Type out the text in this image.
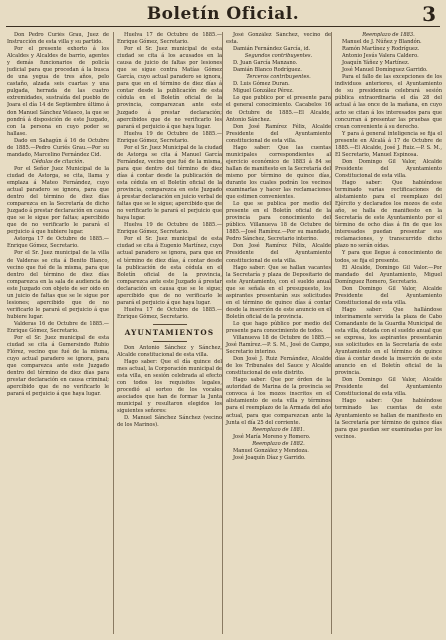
Boletín Oficial.	3

Don Pedro Curiés Grau, Juez de Instrucción de esta villa y su partido.

Por el presente exhorto á los Alcaldes y Alcaldes de barrio, agentes y demás funcionarios de policía judicial para que procedan á la busca de una yegua de tres años, pelo castaño, alzada seis cuartas y una pulgada, herrada de las cuatro extremidades, sustraída del pueblo de Joara el día 14 de Septiembre último á don Manuel Sánchez Velasco, la que se pondrá á disposición de este Juzgado, con la persona en cuyo poder se hallase.

Dado en Sahagún á 16 de Octubre de 1885.—Pedro Curiés Grau.—Por su mandado, Marcelino Fernández Cid.

Cédulas de citación.

Por el Señor Juez Municipal de la ciudad de Astorga, se cita, llama y emplaza á Mateo Fernández, cuyo actual paradero se ignora, para que dentro del término de diez días comparezca en la Secretaría de dicho Juzgado á prestar declaración en causa que se le sigue por faltas; apercibido que de no verificarlo le parará el perjuicio á que hubiere lugar.

Astorga 17 de Octubre de 1885.—Enrique Gómez, Secretario.

Por el Sr. Juez municipal de la villa de Valderas se cita á Benito Blanco, vecino que fué de la misma, para que dentro del término de diez días comparezca en la sala de audiencia de este Juzgado con objeto de ser oido en un juicio de faltas que se le sigue por lesiones; apercibido que de no verificarlo le parará el perjuicio á que hubiere lugar.

Valderas 16 de Octubre de 1885.—Enrique Gómez, Secretario.

Por el Sr. Juez municipal de esta ciudad se cita á Gumersindo Rubio Flórez, vecino que fué de la misma, cuyo actual paradero se ignora, para que comparezca ante este Juzgado dentro del término de diez días para prestar declaración en causa criminal; apercibido que de no verificarlo le parará el perjuicio á que haya lugar.

Huelva 17 de Octubre de 1885.—Enrique Gómez, Secretario.

Por el Sr. Juez municipal de esta ciudad se cita á los acusados en la causa de juicio de faltas por lesiones que se sigue contra Matías Gómez García, cuyo actual paradero se ignora, para que en el término de diez días á contar desde la publicación de esta cédula en el Boletín oficial de la provincia, comparezcan ante este Juzgado á prestar declaración; apercibidos que de no verificarlo les parará el perjuicio á que haya lugar.

Huelva 19 de Octubre de 1885.—Enrique Gómez, Secretario.

Por el Sr. Juez Municipal de la ciudad de Astorga se cita á Manuel García Fernández, vecino que fué de la misma, para que dentro del término de diez días á contar desde la publicación de esta cédula en el Boletín oficial de la provincia, comparezca en este Juzgado á prestar declaración en juicio verbal de faltas que se le sigue; apercibido que de no verificarlo le parará el perjuicio que haya lugar.

Huelva 19 de Octubre de 1885.—Enrique Gómez, Secretario.

Por el Sr. Juez municipal de esta ciudad se cita á Eugenio Martínez, cuyo actual paradero se ignora, para que en el término de diez días, á contar desde la publicación de esta cédula en el Boletín oficial de la provincia, comparezca ante este Juzgado á prestar declaración en causa que se le sigue; apercibido que de no verificarlo le parará el perjuicio á que haya lugar.

Huelva 17 de Octubre de 1885.—Enrique Gómez, Secretario.

AYUNTAMIENTOS

Don Antonio Sánchez y Sánchez, Alcalde constitucional de esta villa.

Hago saber: Que el día quince del mes actual, la Corporación municipal de esta villa, en sesión celebrada al efecto con todos los requisitos legales, procedió al sorteo de los vocales asociados que han de formar la Junta municipal y resultaron elegidos los siguientes señores:

D. Manuel Sánchez Sánchez (vecino de los Marinos).

José González Sánchez, vecino de esta.

Damián Fernández García, id.

Segundos contribuyentes.

D. Juan García Manzano.

Damián Blanco Rodríguez.

Terceros contribuyentes.

D. Luis Gómez Duran.

Miguel González Pérez.

Lo que publico por el presente para el general conocimiento. Cacabelos 16 de Octubre de 1885.—El Alcalde, Antonio Sánchez.

Don José Ramírez Félix, Alcalde Presidente del Ayuntamiento constitucional de esta villa.

Hago saber: Que las cuentas municipales correspondientes al ejercicio económico de 1883 á 84 se hallan de manifiesto en la Secretaría del mismo por término de quince días, durante los cuales podrán los vecinos examinarlas y hacer las reclamaciones que estimen convenientes.

Lo que se publica por medio del presente en el Boletín oficial de la provincia para conocimiento del público. Villanueva 18 de Octubre de 1885.—José Ramírez.—Por su mandado, Pedro Sánchez, Secretario interino.

Don José Ramírez Félix, Alcalde Presidente del Ayuntamiento constitucional de esta villa.

Hago saber: Que se hallan vacantes la Secretaría y plaza de Depositario de este Ayuntamiento, con el sueldo anual que se señala en el presupuesto, los aspirantes presentarán sus solicitudes en el término de quince días á contar desde la inserción de este anuncio en el Boletín oficial de la provincia.

Lo que hago público por medio del presente para conocimiento de todos.

Villanueva 18 de Octubre de 1885.—José Ramírez.—P. S. M., José de Campo, Secretario interino.

Don José J. Ruiz Fernández, Alcalde de los Tribunales del Sauce y Alcalde constitucional de este distrito.

Hago saber: Que por órden de la autoridad de Marina de la provincia se convoca á los mozos inscritos en el alistamiento de esta villa y términos para el reemplazo de la Armada del año actual, para que comparezcan ante la Junta el día 25 del corriente.

Reemplazo de 1881.

José María Moreno y Romero.

Reemplazo de 1882.

Manuel González y Mendoza.

José Joaquín Díaz y Garrido.

Reemplazo de 1883.

Manuel de J. Núñez y Blandón.

Ramón Martínez y Rodríguez.

Antonio Jesús Valera Caldero.

Joaquín Yáñez y Martínez.

José Manuel Domínguez Garrido.

Para el fallo de las excepciones de los individuos anteriores, el Ayuntamiento de su presidencia celebrará sesión pública extraordinaria el día 28 del actual á las once de la mañana, en cuyo acto se citan á los interesados para que concurran á presentar las pruebas que crean conveniente á su derecho.

Y para á general inteligencia se fija el presente en Alcalá á 17 de Octubre de 1885.—El Alcalde, José J. Ruiz.—P. S. M., El Secretario, Manuel Espinosa.

Don Domingo Gil Valor, Alcalde Presidente del Ayuntamiento Constitucional de esta villa.

Hago saber: Que habiéndose terminado varias rectificaciones de alistamiento para el reemplazo del Ejército y declarados los mozos de este año, se halla de manifiesto en la Secretaría de este Ayuntamiento por el término de ocho días á fin de que los interesados puedan presentar sus reclamaciones, y transcurrido dicho plazo no serán oídas.

Y para que llegue á conocimiento de todos, se fija el presente.

El Alcalde, Domingo Gil Valor.—Por mandado del Ayuntamiento, Miguel Domínguez Romero, Secretario.

Don Domingo Gil Valor, Alcalde Presidente del Ayuntamiento Constitucional de esta villa.

Hago saber: Que hallándose interinamente servida la plaza de Cabo Comandante de la Guardia Municipal de esta villa, dotada con el sueldo anual que se expresa, los aspirantes presentarán sus solicitudes en la Secretaría de este Ayuntamiento en el término de quince días á contar desde la inserción de este anuncio en el Boletín oficial de la provincia.

Don Domingo Gil Valor, Alcalde Presidente del Ayuntamiento Constitucional de esta villa.

Hago saber: Que habiéndose terminado las cuentas de este Ayuntamiento se hallan de manifiesto en la Secretaría por término de quince días para que puedan ser examinadas por los vecinos.
